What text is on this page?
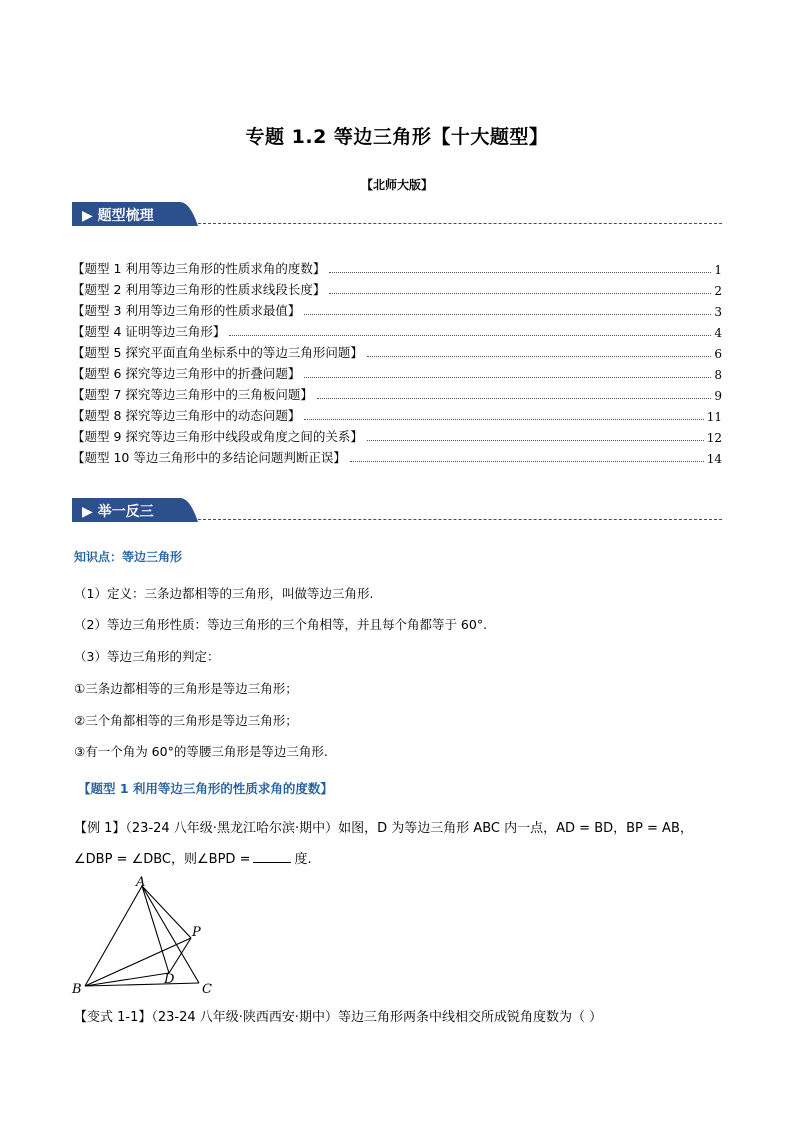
专题 1.2 等边三角形【十大题型】
【北师大版】
▶ 题型梳理
【题型 1 利用等边三角形的性质求角的度数】	1
【题型 2 利用等边三角形的性质求线段长度】	2
【题型 3 利用等边三角形的性质求最值】	3
【题型 4 证明等边三角形】	4
【题型 5 探究平面直角坐标系中的等边三角形问题】	6
【题型 6 探究等边三角形中的折叠问题】	8
【题型 7 探究等边三角形中的三角板问题】	9
【题型 8 探究等边三角形中的动态问题】	11
【题型 9 探究等边三角形中线段或角度之间的关系】	12
【题型 10 等边三角形中的多结论问题判断正误】	14
▶ 举一反三
知识点：等边三角形
（1）定义：三条边都相等的三角形，叫做等边三角形.
（2）等边三角形性质：等边三角形的三个角相等，并且每个角都等于 60°.
（3）等边三角形的判定：
①三条边都相等的三角形是等边三角形；
②三个角都相等的三角形是等边三角形；
③有一个角为 60°的等腰三角形是等边三角形.
【题型 1 利用等边三角形的性质求角的度数】
【例 1】（23-24 八年级·黑龙江哈尔滨·期中）如图，D 为等边三角形 ABC 内一点，AD = BD，BP = AB，
∠DBP = ∠DBC，则∠BPD =	度.
A
B	C
D
P
【变式 1-1】（23-24 八年级·陕西西安·期中）等边三角形两条中线相交所成锐角度数为（ ）
